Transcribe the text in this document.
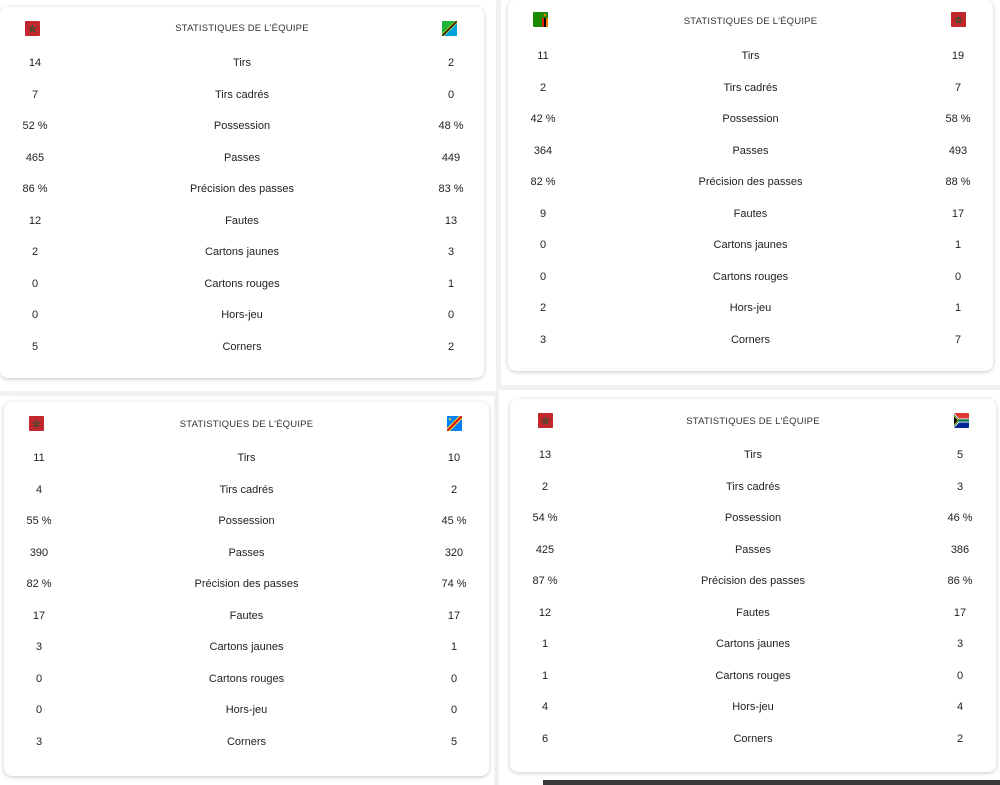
STATISTIQUES DE L'ÉQUIPE
14	Tirs	2
7	Tirs cadrés	0
52 %	Possession	48 %
465	Passes	449
86 %	Précision des passes	83 %
12	Fautes	13
2	Cartons jaunes	3
0	Cartons rouges	1
0	Hors-jeu	0
5	Corners	2
STATISTIQUES DE L'ÉQUIPE
11	Tirs	19
2	Tirs cadrés	7
42 %	Possession	58 %
364	Passes	493
82 %	Précision des passes	88 %
9	Fautes	17
0	Cartons jaunes	1
0	Cartons rouges	0
2	Hors-jeu	1
3	Corners	7
STATISTIQUES DE L'ÉQUIPE
11	Tirs	10
4	Tirs cadrés	2
55 %	Possession	45 %
390	Passes	320
82 %	Précision des passes	74 %
17	Fautes	17
3	Cartons jaunes	1
0	Cartons rouges	0
0	Hors-jeu	0
3	Corners	5
STATISTIQUES DE L'ÉQUIPE
13	Tirs	5
2	Tirs cadrés	3
54 %	Possession	46 %
425	Passes	386
87 %	Précision des passes	86 %
12	Fautes	17
1	Cartons jaunes	3
1	Cartons rouges	0
4	Hors-jeu	4
6	Corners	2
